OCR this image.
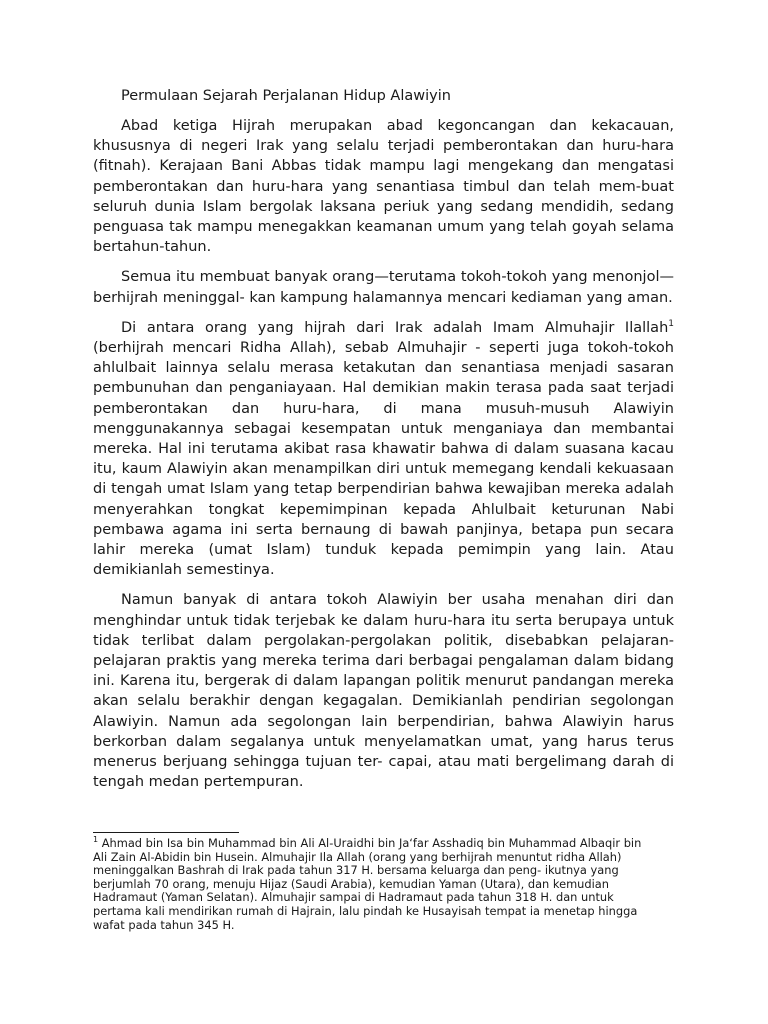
Permulaan Sejarah Perjalanan Hidup Alawiyin

Abad ketiga Hijrah merupakan abad kegoncangan dan kekacauan, khususnya di negeri Irak yang selalu terjadi pemberontakan dan huru-hara (fitnah). Kerajaan Bani Abbas tidak mampu lagi mengekang dan mengatasi pemberontakan dan huru-hara yang senantiasa timbul dan telah mem-buat seluruh dunia Islam bergolak laksana periuk yang sedang mendidih, sedang penguasa tak mampu menegakkan keamanan umum yang telah goyah selama bertahun-tahun.

Semua itu membuat banyak orang—terutama tokoh-tokoh yang menonjol—berhijrah meninggal- kan kampung halamannya mencari kediaman yang aman.

Di antara orang yang hijrah dari Irak adalah Imam Almuhajir Ilallah$^1$ (berhijrah mencari Ridha Allah), sebab Almuhajir - seperti juga tokoh-tokoh ahlulbait lainnya selalu merasa ketakutan dan senantiasa menjadi sasaran pembunuhan dan penganiayaan. Hal demikian makin terasa pada saat terjadi pemberontakan dan huru-hara, di mana musuh-musuh Alawiyin menggunakannya sebagai kesempatan untuk menganiaya dan membantai mereka. Hal ini terutama akibat rasa khawatir bahwa di dalam suasana kacau itu, kaum Alawiyin akan menampilkan diri untuk memegang kendali kekuasaan di tengah umat Islam yang tetap berpendirian bahwa kewajiban mereka adalah menyerahkan tongkat kepemimpinan kepada Ahlulbait keturunan Nabi pembawa agama ini serta bernaung di bawah panjinya, betapa pun secara lahir mereka (umat Islam) tunduk kepada pemimpin yang lain. Atau demikianlah semestinya.

Namun banyak di antara tokoh Alawiyin ber usaha menahan diri dan menghindar untuk tidak terjebak ke dalam huru-hara itu serta berupaya untuk tidak terlibat dalam pergolakan-pergolakan politik, disebabkan pelajaran-pelajaran praktis yang mereka terima dari berbagai pengalaman dalam bidang ini. Karena itu, bergerak di dalam lapangan politik menurut pandangan mereka akan selalu berakhir dengan kegagalan. Demikianlah pendirian segolongan Alawiyin. Namun ada segolongan lain berpendirian, bahwa Alawiyin harus berkorban dalam segalanya untuk menyelamatkan umat, yang harus terus menerus berjuang sehingga tujuan ter- capai, atau mati bergelimang darah di tengah medan pertempuran.

$^1$ Ahmad bin Isa bin Muhammad bin Ali Al-Uraidhi bin Ja‘far Asshadiq bin Muhammad Albaqir bin Ali Zain Al-Abidin bin Husein. Almuhajir Ila Allah (orang yang berhijrah menuntut ridha Allah) meninggalkan Bashrah di Irak pada tahun 317 H. bersama keluarga dan peng- ikutnya yang berjumlah 70 orang, menuju Hijaz (Saudi Arabia), kemudian Yaman (Utara), dan kemudian Hadramaut (Yaman Selatan). Almuhajir sampai di Hadramaut pada tahun 318 H. dan untuk pertama kali mendirikan rumah di Hajrain, lalu pindah ke Husayisah tempat ia menetap hingga wafat pada tahun 345 H.
